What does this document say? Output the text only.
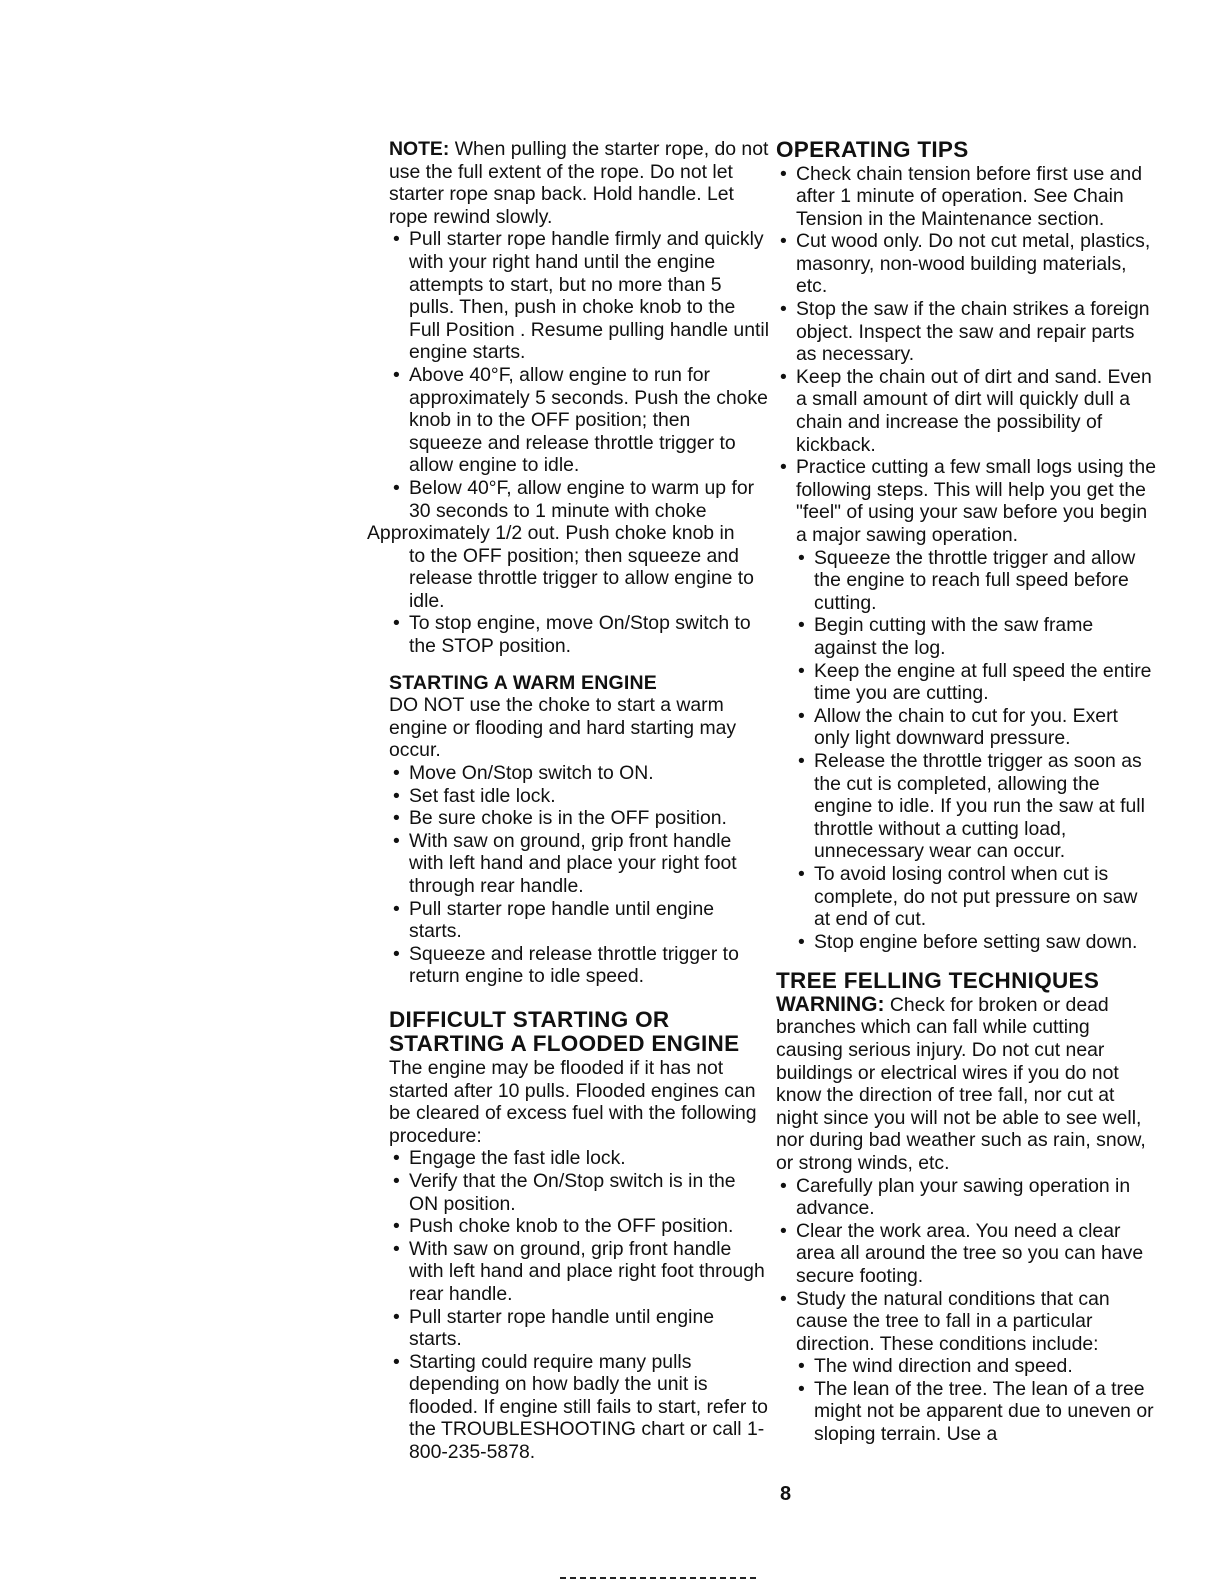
NOTE: When pulling the starter rope, do not use the full extent of the rope. Do not let starter rope snap back. Hold handle. Let rope rewind slowly.

• Pull starter rope handle firmly and quickly with your right hand until the engine attempts to start, but no more than 5 pulls. Then, push in choke knob to the Full Position . Resume pulling handle until engine starts.
• Above 40°F, allow engine to run for approximately 5 seconds. Push the choke knob in to the OFF position; then squeeze and release throttle trigger to allow engine to idle.
• Below 40°F, allow engine to warm up for 30 seconds to 1 minute with choke

Approximately 1/2 out. Push choke knob in

to the OFF position; then squeeze and release throttle trigger to allow engine to idle.

• To stop engine, move On/Stop switch to the STOP position.

STARTING A WARM ENGINE

DO NOT use the choke to start a warm engine or flooding and hard starting may occur.

• Move On/Stop switch to ON.
• Set fast idle lock.
• Be sure choke is in the OFF position.
• With saw on ground, grip front handle with left hand and place your right foot through rear handle.
• Pull starter rope handle until engine starts.
• Squeeze and release throttle trigger to return engine to idle speed.

DIFFICULT STARTING OR

STARTING A FLOODED ENGINE

The engine may be flooded if it has not started after 10 pulls. Flooded engines can be cleared of excess fuel with the following procedure:

• Engage the fast idle lock.
• Verify that the On/Stop switch is in the ON position.
• Push choke knob to the OFF position.
• With saw on ground, grip front handle with left hand and place right foot through rear handle.
• Pull starter rope handle until engine starts.
• Starting could require many pulls depending on how badly the unit is flooded. If engine still fails to start, refer to the TROUBLESHOOTING chart or call 1-800-235-5878.

OPERATING TIPS

• Check chain tension before first use and after 1 minute of operation. See Chain Tension in the Maintenance section.
• Cut wood only. Do not cut metal, plastics, masonry, non-wood building materials, etc.
• Stop the saw if the chain strikes a foreign object. Inspect the saw and repair parts as necessary.
• Keep the chain out of dirt and sand. Even a small amount of dirt will quickly dull a chain and increase the possibility of kickback.
• Practice cutting a few small logs using the following steps. This will help you get the "feel" of using your saw before you begin a major sawing operation.
• Squeeze the throttle trigger and allow the engine to reach full speed before cutting.
• Begin cutting with the saw frame against the log.
• Keep the engine at full speed the entire time you are cutting.
• Allow the chain to cut for you. Exert only light downward pressure.
• Release the throttle trigger as soon as the cut is completed, allowing the engine to idle. If you run the saw at full throttle without a cutting load, unnecessary wear can occur.
• To avoid losing control when cut is complete, do not put pressure on saw at end of cut.
• Stop engine before setting saw down.

TREE FELLING TECHNIQUES

WARNING: Check for broken or dead branches which can fall while cutting causing serious injury. Do not cut near buildings or electrical wires if you do not know the direction of tree fall, nor cut at night since you will not be able to see well, nor during bad weather such as rain, snow, or strong winds, etc.

• Carefully plan your sawing operation in advance.
• Clear the work area. You need a clear area all around the tree so you can have secure footing.
• Study the natural conditions that can cause the tree to fall in a particular direction. These conditions include:
• The wind direction and speed.
• The lean of the tree. The lean of a tree might not be apparent due to uneven or sloping terrain. Use a
8
